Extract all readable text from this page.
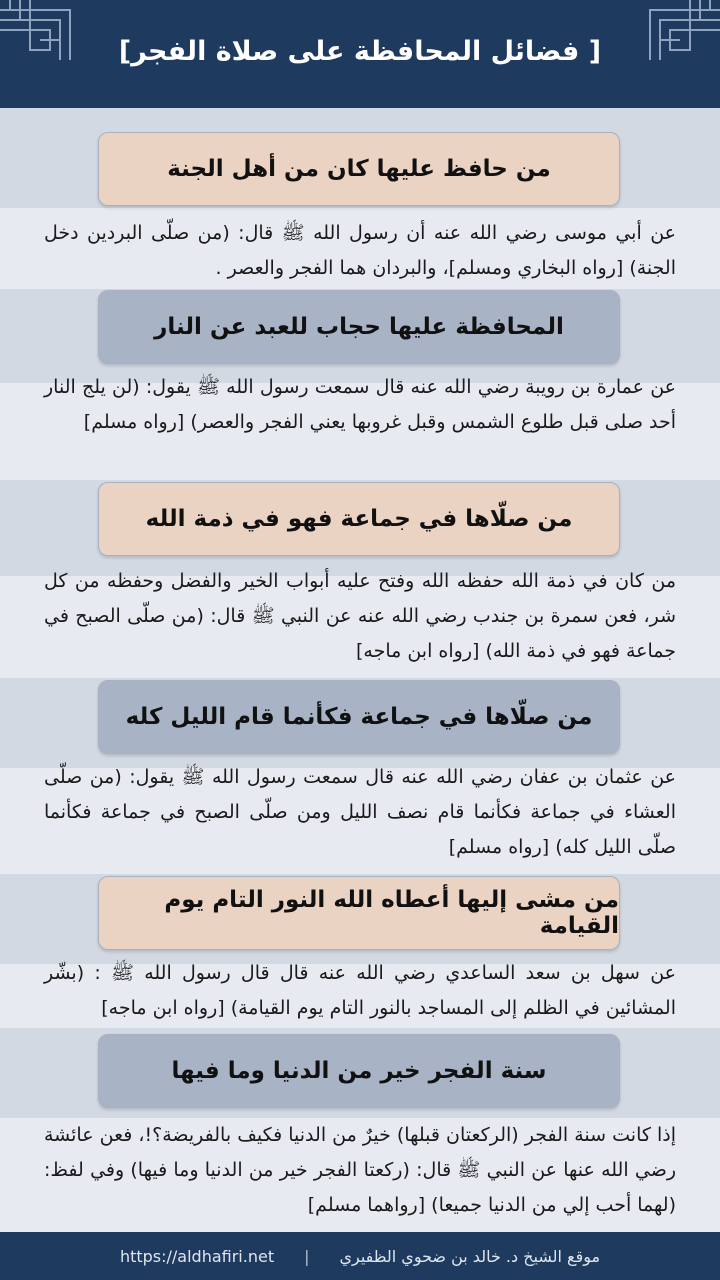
[ فضائل المحافظة على صلاة الفجر]
من حافظ عليها كان من أهل الجنة
عن أبي موسى رضي الله عنه أن رسول الله ﷺ قال: (من صلّى البردين دخل الجنة) [رواه البخاري ومسلم]، والبردان هما الفجر والعصر .
المحافظة عليها حجاب للعبد عن النار
عن عمارة بن رويبة رضي الله عنه قال سمعت رسول الله ﷺ يقول: (لن يلج النار أحد صلى قبل طلوع الشمس وقبل غروبها يعني الفجر والعصر) [رواه مسلم]
من صلّاها في جماعة فهو في ذمة الله
من كان في ذمة الله حفظه الله وفتح عليه أبواب الخير والفضل وحفظه من كل شر، فعن سمرة بن جندب رضي الله عنه عن النبي ﷺ قال: (من صلّى الصبح في جماعة فهو في ذمة الله) [رواه ابن ماجه]
من صلّاها في جماعة فكأنما قام الليل كله
عن عثمان بن عفان رضي الله عنه قال سمعت رسول الله ﷺ يقول: (من صلّى العشاء في جماعة فكأنما قام نصف الليل ومن صلّى الصبح في جماعة فكأنما صلّى الليل كله) [رواه مسلم]
من مشى إليها أعطاه الله النور التام يوم القيامة
عن سهل بن سعد الساعدي رضي الله عنه قال قال رسول الله ﷺ : (بشّر المشائين في الظلم إلى المساجد بالنور التام يوم القيامة) [رواه ابن ماجه]
سنة الفجر خير من الدنيا وما فيها
إذا كانت سنة الفجر (الركعتان قبلها) خيرٌ من الدنيا فكيف بالفريضة؟!، فعن عائشة رضي الله عنها عن النبي ﷺ قال: (ركعتا الفجر خير من الدنيا وما فيها) وفي لفظ: (لهما أحب إلي من الدنيا جميعا) [رواهما مسلم]
https://aldhafiri.net | موقع الشيخ د. خالد بن ضحوي الظفيري
